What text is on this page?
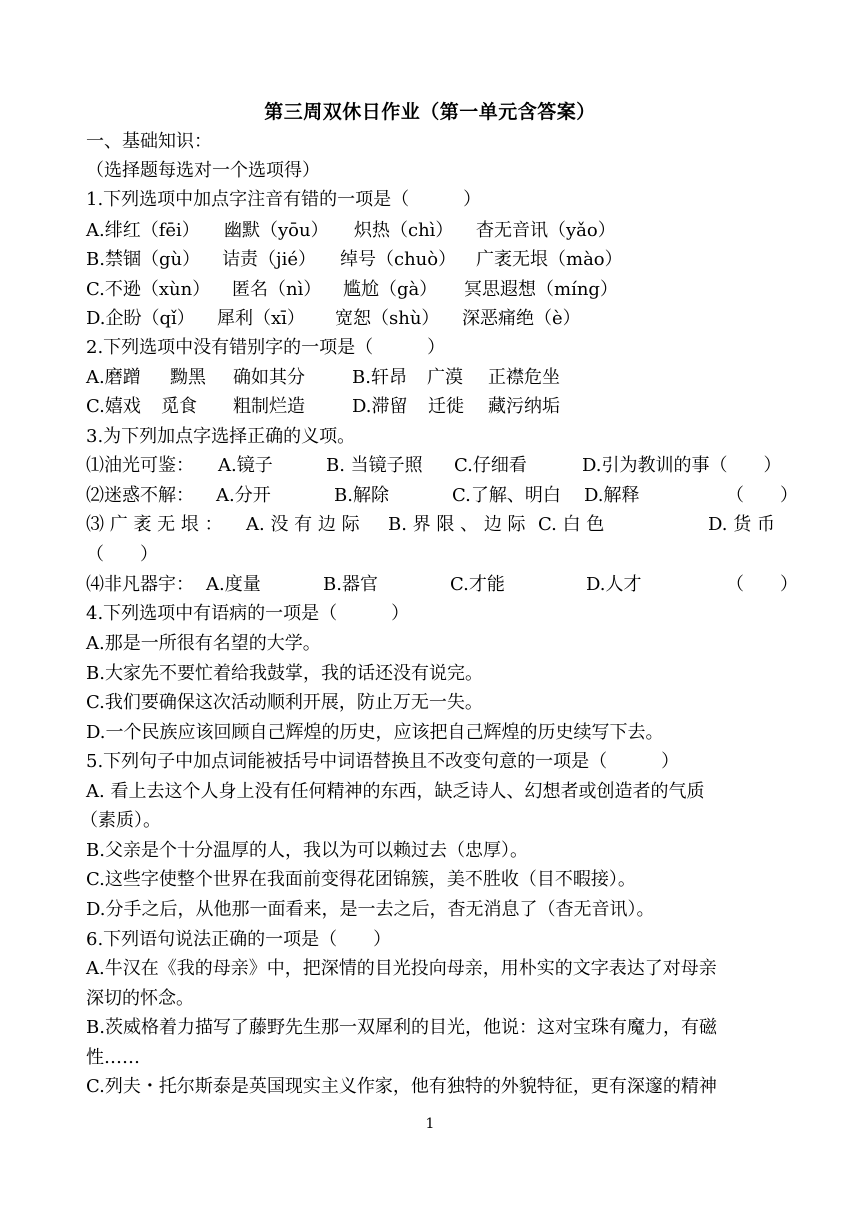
第三周双休日作业（第一单元含答案）
一、基础知识：
（选择题每选对一个选项得）
1.下列选项中加点字注音有错的一项是（　　　）
A.绯红（fēi） 幽默（yōu） 炽热（chì） 杳无音讯（yǎo）
B.禁锢（gù） 诘责（jié） 绰号（chuò） 广袤无垠（mào）
C.不逊（xùn） 匿名（nì） 尴尬（gà） 冥思遐想（míng）
D.企盼（qǐ） 犀利（xī） 宽恕（shù） 深恶痛绝（è）
2.下列选项中没有错别字的一项是（　　　）
A.磨蹭 黝黑 确如其分	B.轩昂 广漠 正襟危坐
C.嬉戏 觅食 粗制烂造	D.滞留 迁徙 藏污纳垢
3.为下列加点字选择正确的义项。
⑴油光可鉴： A.镜子	B. 当镜子照 C.仔细看	D.引为教训的事（　　）
⑵迷惑不解： A.分开	B.解除	C.了解、明白 D.解释	（　　）
⑶ 广 袤 无 垠 ： A. 没 有 边 际 B. 界 限 、 边 际 C. 白 色	D. 货 币
（　　）
⑷非凡器宇： A.度量	B.器官	C.才能	D.人才	（　　）
4.下列选项中有语病的一项是（　　　）
A.那是一所很有名望的大学。
B.大家先不要忙着给我鼓掌，我的话还没有说完。
C.我们要确保这次活动顺利开展，防止万无一失。
D.一个民族应该回顾自己辉煌的历史，应该把自己辉煌的历史续写下去。
5.下列句子中加点词能被括号中词语替换且不改变句意的一项是（　　　）
A. 看上去这个人身上没有任何精神的东西，缺乏诗人、幻想者或创造者的气质
（素质）。
B.父亲是个十分温厚的人，我以为可以赖过去（忠厚）。
C.这些字使整个世界在我面前变得花团锦簇，美不胜收（目不暇接）。
D.分手之后，从他那一面看来，是一去之后，杳无消息了（杳无音讯）。
6.下列语句说法正确的一项是（　　）
A.牛汉在《我的母亲》中，把深情的目光投向母亲，用朴实的文字表达了对母亲
深切的怀念。
B.茨威格着力描写了藤野先生那一双犀利的目光，他说：这对宝珠有魔力，有磁
性……
C.列夫・托尔斯泰是英国现实主义作家，他有独特的外貌特征，更有深邃的精神
1
